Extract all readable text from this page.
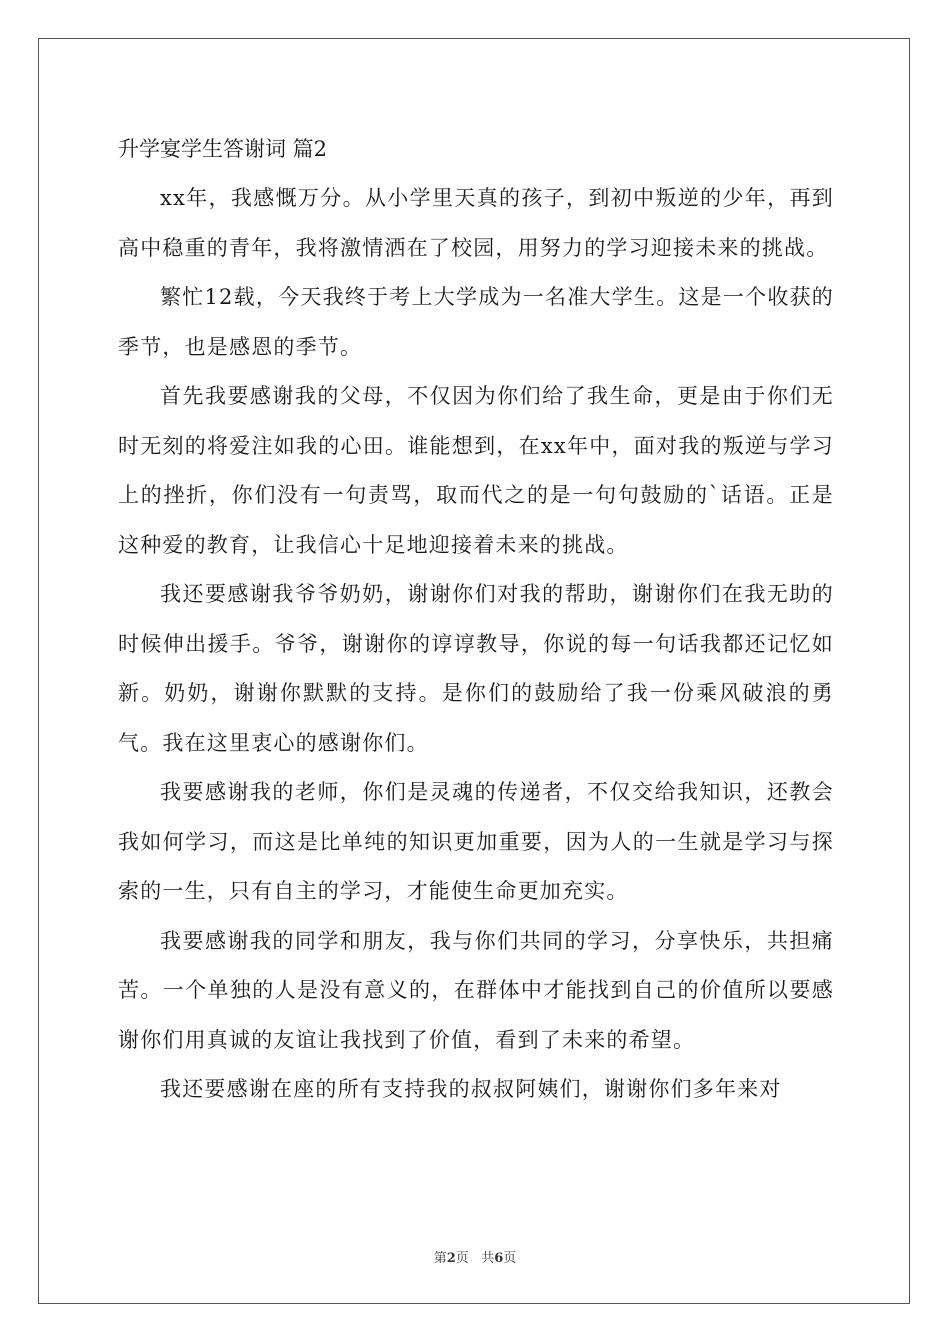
升学宴学生答谢词 篇2

xx年，我感慨万分。从小学里天真的孩子，到初中叛逆的少年，再到高中稳重的青年，我将激情洒在了校园，用努力的学习迎接未来的挑战。

繁忙12载，今天我终于考上大学成为一名准大学生。这是一个收获的季节，也是感恩的季节。

首先我要感谢我的父母，不仅因为你们给了我生命，更是由于你们无时无刻的将爱注如我的心田。谁能想到，在xx年中，面对我的叛逆与学习上的挫折，你们没有一句责骂，取而代之的是一句句鼓励的`话语。正是这种爱的教育，让我信心十足地迎接着未来的挑战。

我还要感谢我爷爷奶奶，谢谢你们对我的帮助，谢谢你们在我无助的时候伸出援手。爷爷，谢谢你的谆谆教导，你说的每一句话我都还记忆如新。奶奶，谢谢你默默的支持。是你们的鼓励给了我一份乘风破浪的勇气。我在这里衷心的感谢你们。

我要感谢我的老师，你们是灵魂的传递者，不仅交给我知识，还教会我如何学习，而这是比单纯的知识更加重要，因为人的一生就是学习与探索的一生，只有自主的学习，才能使生命更加充实。

我要感谢我的同学和朋友，我与你们共同的学习，分享快乐，共担痛苦。一个单独的人是没有意义的，在群体中才能找到自己的价值所以要感谢你们用真诚的友谊让我找到了价值，看到了未来的希望。

我还要感谢在座的所有支持我的叔叔阿姨们，谢谢你们多年来对

第2页 共6页
